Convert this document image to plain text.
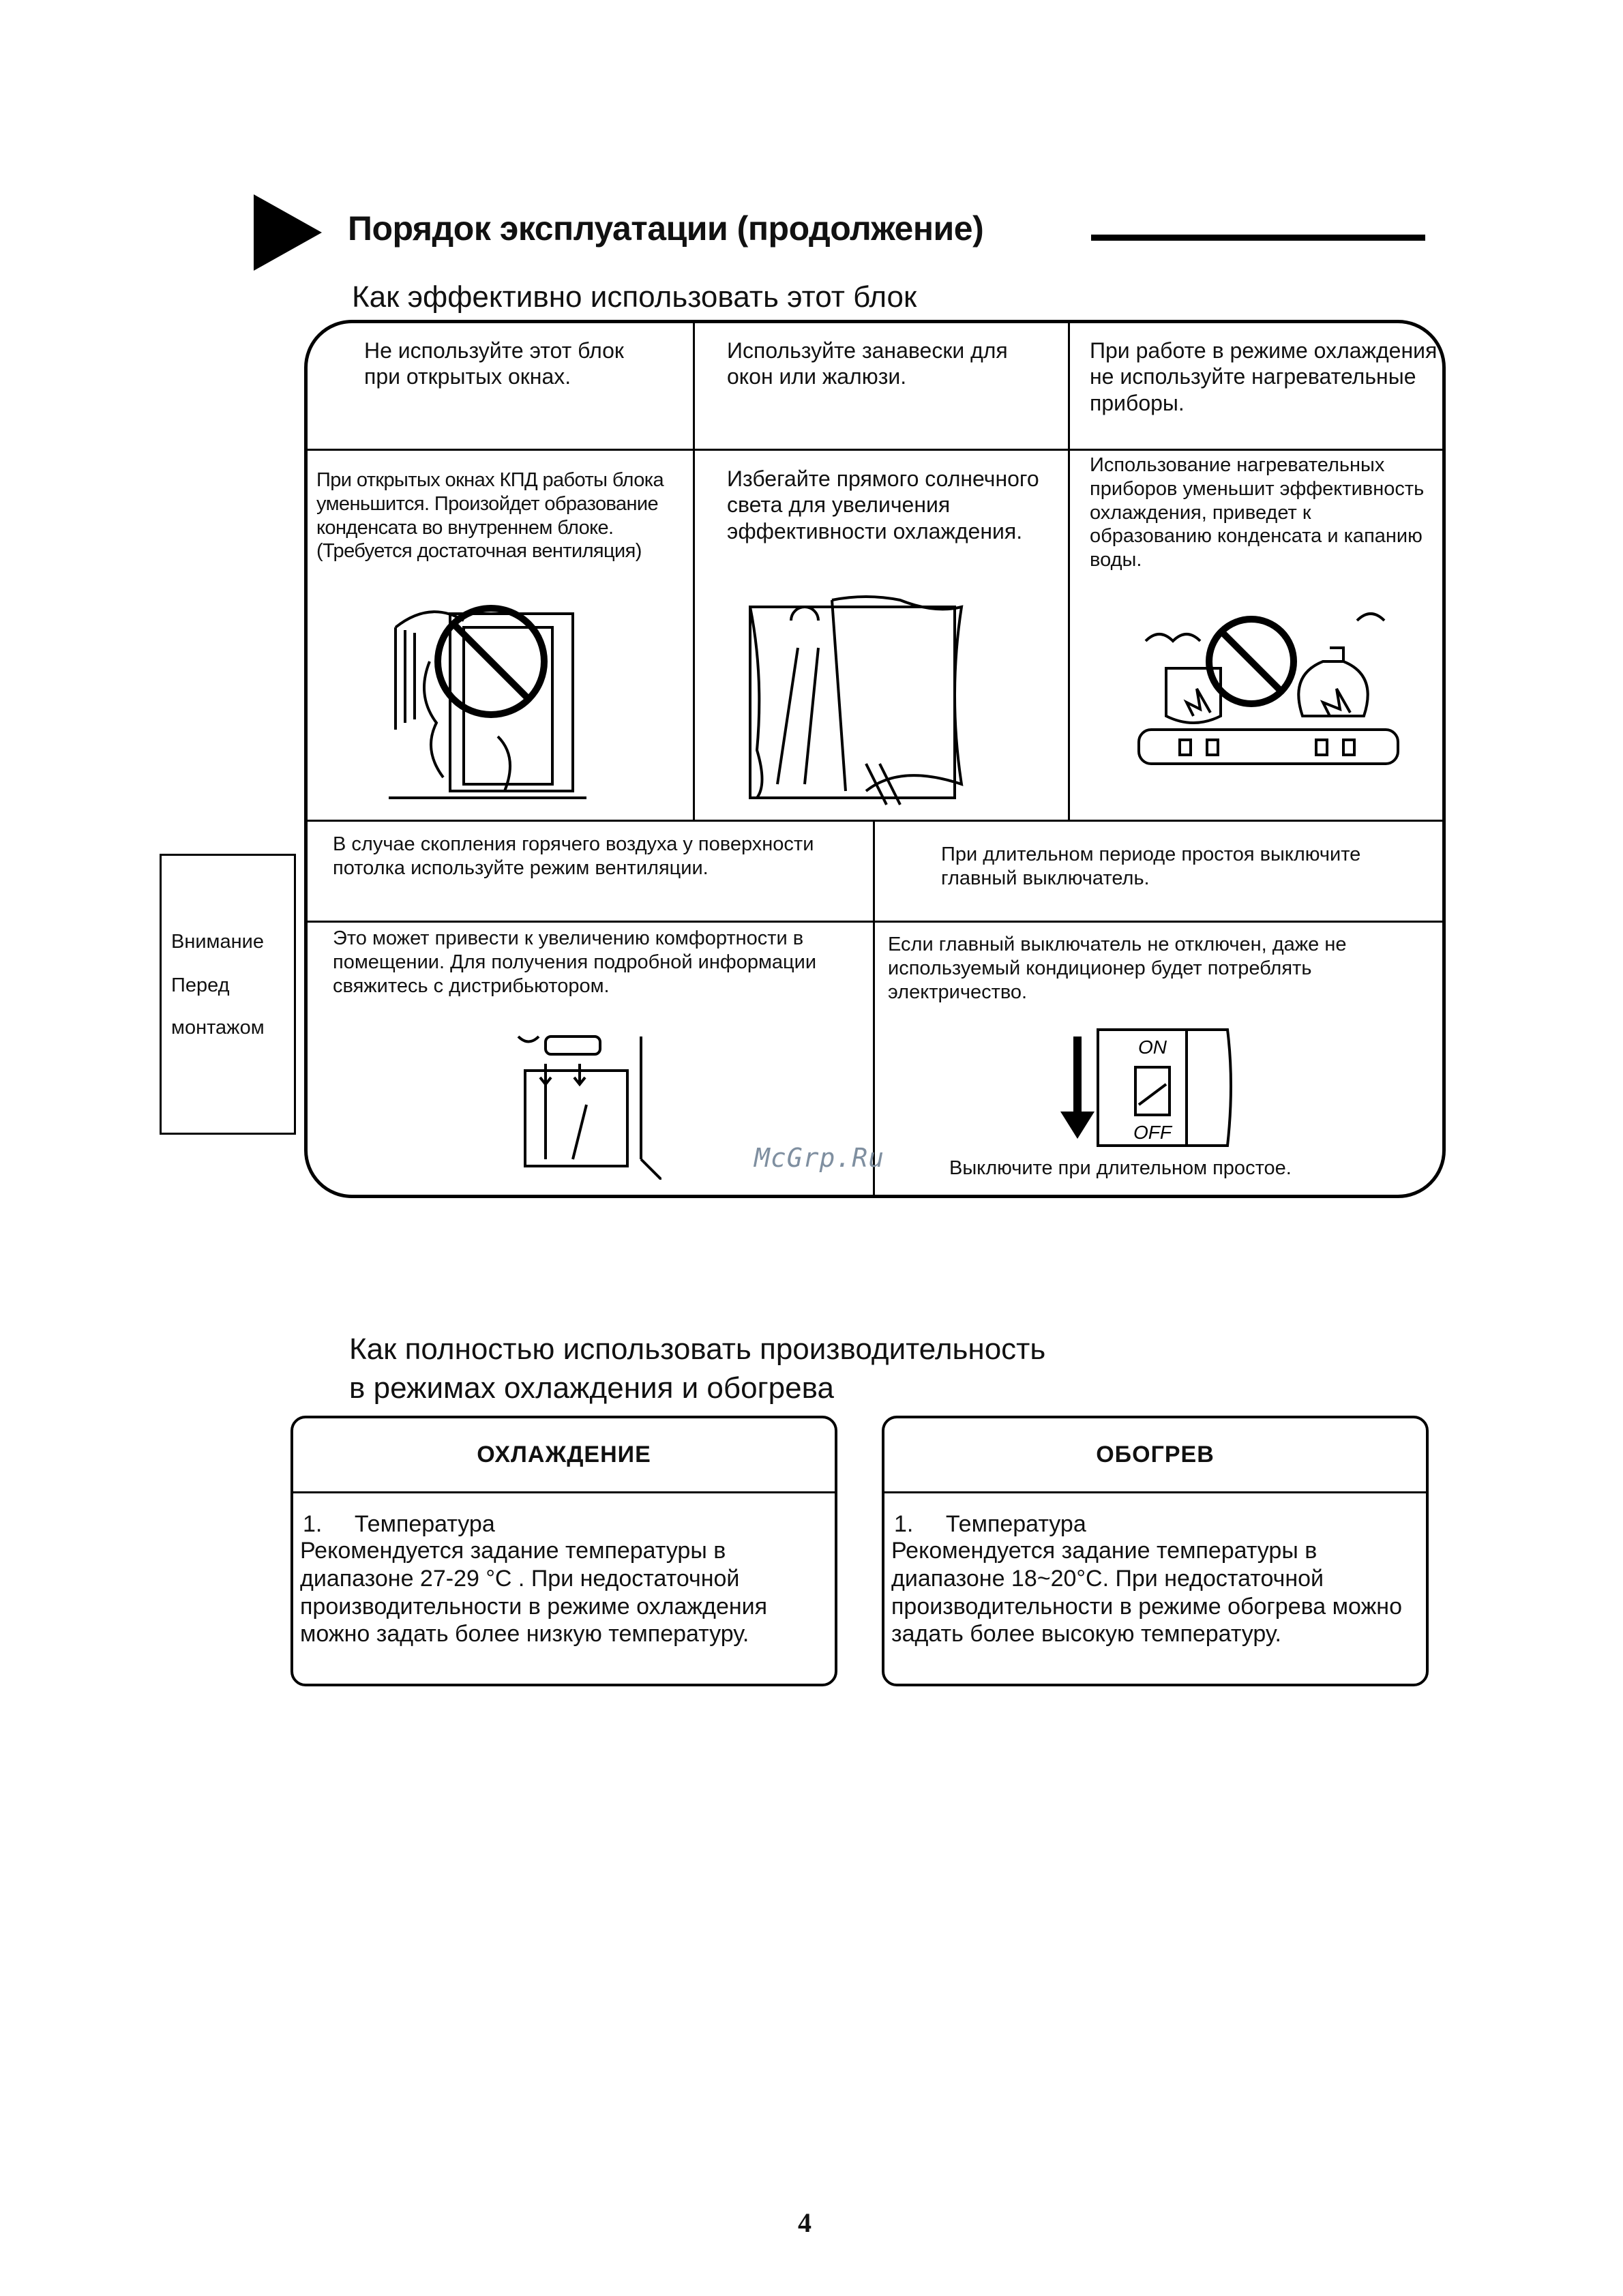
Порядок эксплуатации (продолжение)
Как эффективно использовать этот блок
Не используйте этот блок при открытых окнах.
При открытых окнах КПД работы блока уменьшится. Произойдет образование конденсата во внутреннем блоке. (Требуется достаточная вентиляция)
Используйте занавески для окон или жалюзи.
Избегайте прямого солнечного света для увеличения эффективности охлаждения.
При работе в режиме охлаждения не используйте нагревательные приборы.
Использование нагревательных приборов уменьшит эффективность охлаждения, приведет к образованию конденсата и капанию воды.
В случае скопления горячего воздуха у поверхности потолка используйте режим вентиляции.
Это может привести к увеличению комфортности в помещении. Для получения подробной информации свяжитесь с дистрибьютором.
При длительном периоде простоя выключите главный выключатель.
Если главный выключатель не отключен, даже не используемый кондиционер будет потреблять электричество.
ON
OFF
Выключите при длительном простое.
Внимание
Перед
монтажом
McGrp.Ru
Как полностью использовать производительность
в режимах охлаждения и обогрева
ОХЛАЖДЕНИЕ
1. Температура
Рекомендуется задание температуры в диапазоне 27-29 °C . При недостаточной производительности в режиме охлаждения можно задать более низкую температуру.
ОБОГРЕВ
1. Температура
Рекомендуется задание температуры в диапазоне 18~20°C. При недостаточной производительности в режиме обогрева можно задать более высокую температуру.
4
